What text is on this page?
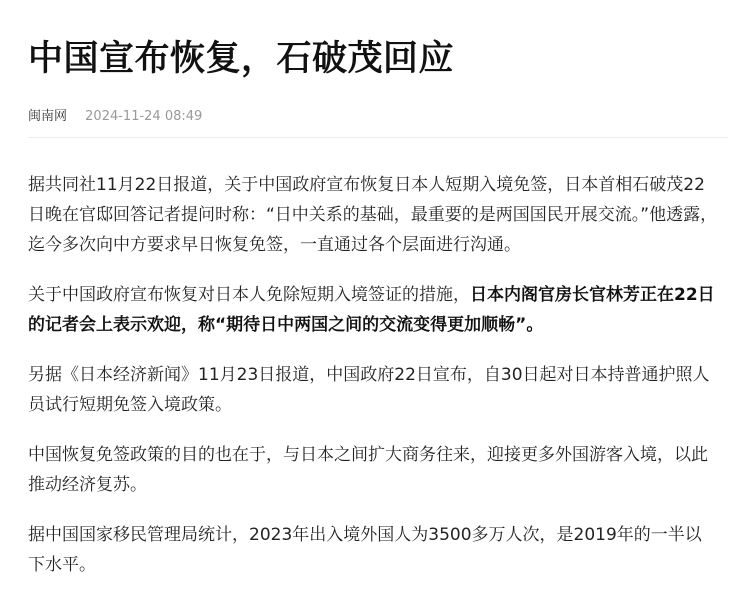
中国宣布恢复，石破茂回应
闽南网 2024-11-24 08:49

据共同社11月22日报道，关于中国政府宣布恢复日本人短期入境免签，日本首相石破茂22日晚在官邸回答记者提问时称：“日中关系的基础，最重要的是两国国民开展交流。”他透露，迄今多次向中方要求早日恢复免签，一直通过各个层面进行沟通。

关于中国政府宣布恢复对日本人免除短期入境签证的措施，日本内阁官房长官林芳正在22日的记者会上表示欢迎，称“期待日中两国之间的交流变得更加顺畅”。

另据《日本经济新闻》11月23日报道，中国政府22日宣布，自30日起对日本持普通护照人员试行短期免签入境政策。

中国恢复免签政策的目的也在于，与日本之间扩大商务往来，迎接更多外国游客入境，以此推动经济复苏。

据中国国家移民管理局统计，2023年出入境外国人为3500多万人次，是2019年的一半以下水平。
